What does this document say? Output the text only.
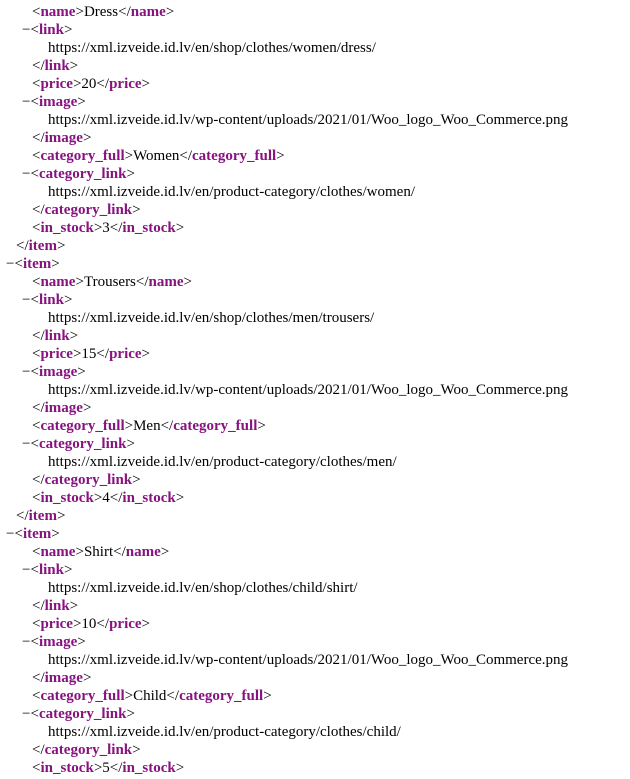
<name>Dress</name>
−<link>
https://xml.izveide.id.lv/en/shop/clothes/women/dress/
</link>
<price>20</price>
−<image>
https://xml.izveide.id.lv/wp-content/uploads/2021/01/Woo_logo_Woo_Commerce.png
</image>
<category_full>Women</category_full>
−<category_link>
https://xml.izveide.id.lv/en/product-category/clothes/women/
</category_link>
<in_stock>3</in_stock>
</item>
−<item>
<name>Trousers</name>
−<link>
https://xml.izveide.id.lv/en/shop/clothes/men/trousers/
</link>
<price>15</price>
−<image>
https://xml.izveide.id.lv/wp-content/uploads/2021/01/Woo_logo_Woo_Commerce.png
</image>
<category_full>Men</category_full>
−<category_link>
https://xml.izveide.id.lv/en/product-category/clothes/men/
</category_link>
<in_stock>4</in_stock>
</item>
−<item>
<name>Shirt</name>
−<link>
https://xml.izveide.id.lv/en/shop/clothes/child/shirt/
</link>
<price>10</price>
−<image>
https://xml.izveide.id.lv/wp-content/uploads/2021/01/Woo_logo_Woo_Commerce.png
</image>
<category_full>Child</category_full>
−<category_link>
https://xml.izveide.id.lv/en/product-category/clothes/child/
</category_link>
<in_stock>5</in_stock>
